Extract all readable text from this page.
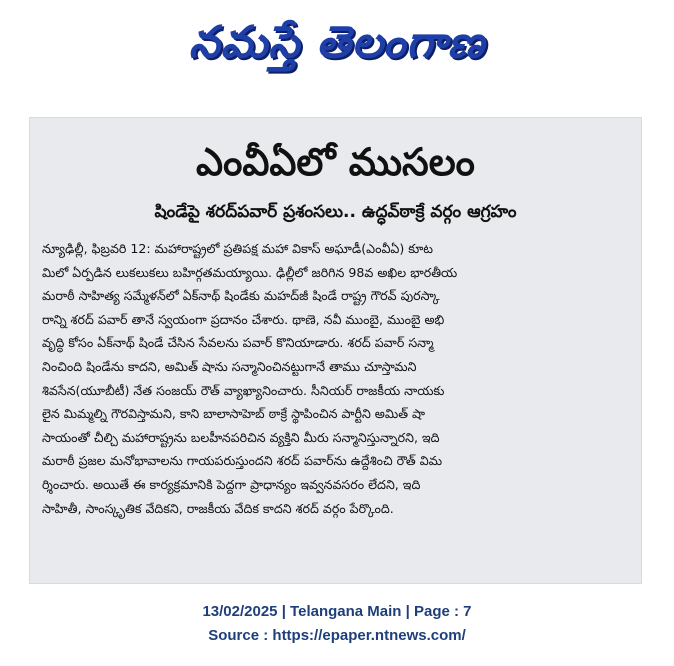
నమస్తే తెలంగాణ
ఎంవీఏలో ముసలం
షిండేపై శరద్‌పవార్‌ ప్రశంసలు.. ఉద్ధవ్‌ఠాక్రే వర్గం ఆగ్రహం
న్యూఢిల్లీ, ఫిబ్రవరి 12: మహారాష్ట్రలో ప్రతిపక్ష మహా వికాస్‌ అఘాడీ(ఎంవీఏ) కూట
మిలో ఏర్పడిన లుకలుకలు బహిర్గతమయ్యాయి. ఢిల్లీలో జరిగిన 98వ అఖిల భారతీయ
మరాఠీ సాహిత్య సమ్మేళన్‌లో ఏక్‌నాథ్‌ షిండేకు మహద్‌జీ షిండే రాష్ట్ర గౌరవ్‌ పురస్కా
రాన్ని శరద్‌ పవార్‌ తానే స్వయంగా ప్రదానం చేశారు. థాణె, నవీ ముంబై, ముంబై అభి
వృద్ధి కోసం ఏక్‌నాథ్‌ షిండే చేసిన సేవలను పవార్‌ కొనియాడారు. శరద్‌ పవార్‌ సన్మా
నించింది షిండేను కాదని, అమిత్‌ షాను సన్మానించినట్టుగానే తాము చూస్తామని
శివసేన(యూబీటీ) నేత సంజయ్‌ రౌత్‌ వ్యాఖ్యానించారు. సీనియర్‌ రాజకీయ నాయకు
లైన మిమ్మల్ని గౌరవిస్తామని, కాని బాలాసాహెబ్‌ ఠాక్రే స్థాపించిన పార్టీని అమిత్‌ షా
సాయంతో చీల్చి మహారాష్ట్రను బలహీనపరిచిన వ్యక్తిని మీరు సన్మానిస్తున్నారని, ఇది
మరాఠీ ప్రజల మనోభావాలను గాయపరుస్తుందని శరద్‌ పవార్‌ను ఉద్దేశించి రౌత్‌ విమ
ర్శించారు. అయితే ఈ కార్యక్రమానికి పెద్దగా ప్రాధాన్యం ఇవ్వనవసరం లేదని, ఇది
సాహితీ, సాంస్కృతిక వేదికని, రాజకీయ వేదిక కాదని శరద్‌ వర్గం పేర్కొంది.
13/02/2025 | Telangana Main | Page : 7
Source : https://epaper.ntnews.com/
